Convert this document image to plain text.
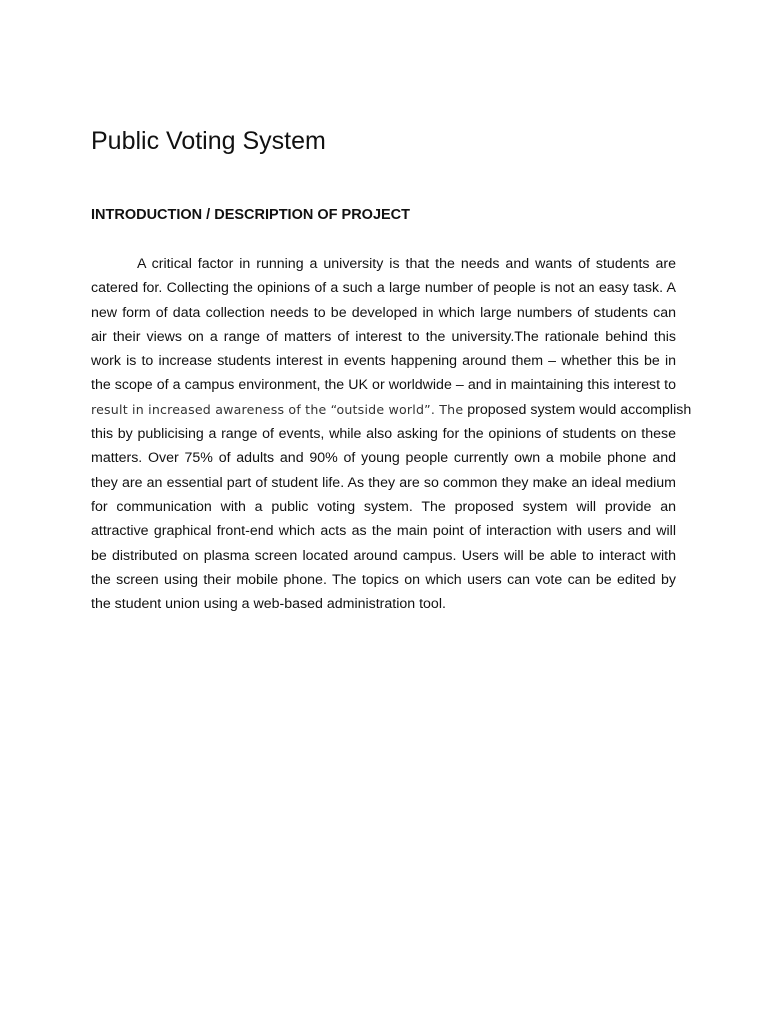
Public Voting System
INTRODUCTION / DESCRIPTION OF PROJECT
A critical factor in running a university is that the needs and wants of students are
catered for. Collecting the opinions of a such a large number of people is not an easy task. A
new form of data collection needs to be developed in which large numbers of students can
air their views on a range of matters of interest to the university.The rationale behind this
work is to increase students interest in events happening around them – whether this be in
the scope of a campus environment, the UK or worldwide – and in maintaining this interest to
result in increased awareness of the “outside world”. The proposed system would accomplish
this by publicising a range of events, while also asking for the opinions of students on these
matters. Over 75% of adults and 90% of young people currently own a mobile phone and
they are an essential part of student life. As they are so common they make an ideal medium
for communication with a public voting system. The proposed system will provide an
attractive graphical front-end which acts as the main point of interaction with users and will
be distributed on plasma screen located around campus. Users will be able to interact with
the screen using their mobile phone. The topics on which users can vote can be edited by
the student union using a web-based administration tool.
